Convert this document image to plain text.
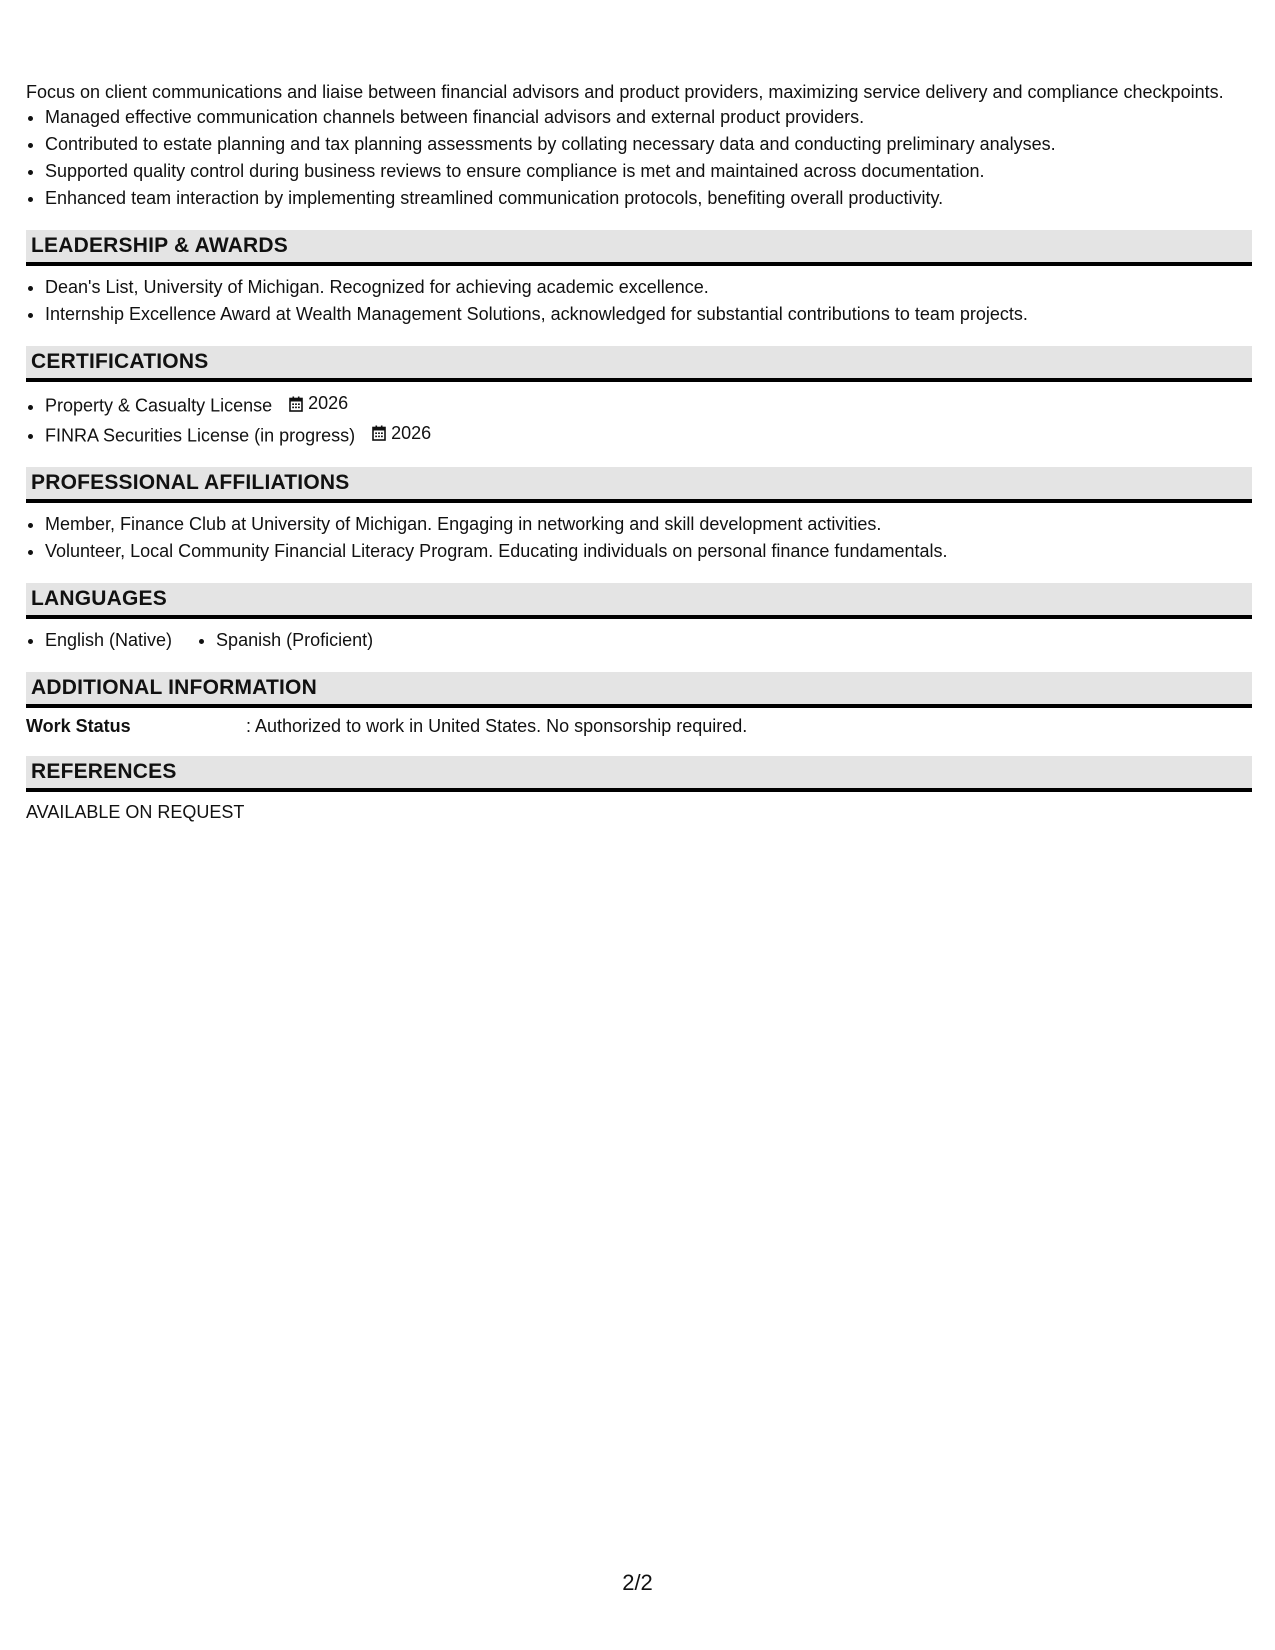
Focus on client communications and liaise between financial advisors and product providers, maximizing service delivery and compliance checkpoints.

• Managed effective communication channels between financial advisors and external product providers.
• Contributed to estate planning and tax planning assessments by collating necessary data and conducting preliminary analyses.
• Supported quality control during business reviews to ensure compliance is met and maintained across documentation.
• Enhanced team interaction by implementing streamlined communication protocols, benefiting overall productivity.
LEADERSHIP & AWARDS
• Dean's List, University of Michigan. Recognized for achieving academic excellence.
• Internship Excellence Award at Wealth Management Solutions, acknowledged for substantial contributions to team projects.
CERTIFICATIONS
• Property & Casualty License 2026
• FINRA Securities License (in progress) 2026
PROFESSIONAL AFFILIATIONS
• Member, Finance Club at University of Michigan. Engaging in networking and skill development activities.
• Volunteer, Local Community Financial Literacy Program. Educating individuals on personal finance fundamentals.
LANGUAGES
• English (Native)
• Spanish (Proficient)
ADDITIONAL INFORMATION
Work Status	: Authorized to work in United States. No sponsorship required.
REFERENCES

AVAILABLE ON REQUEST

2/2
